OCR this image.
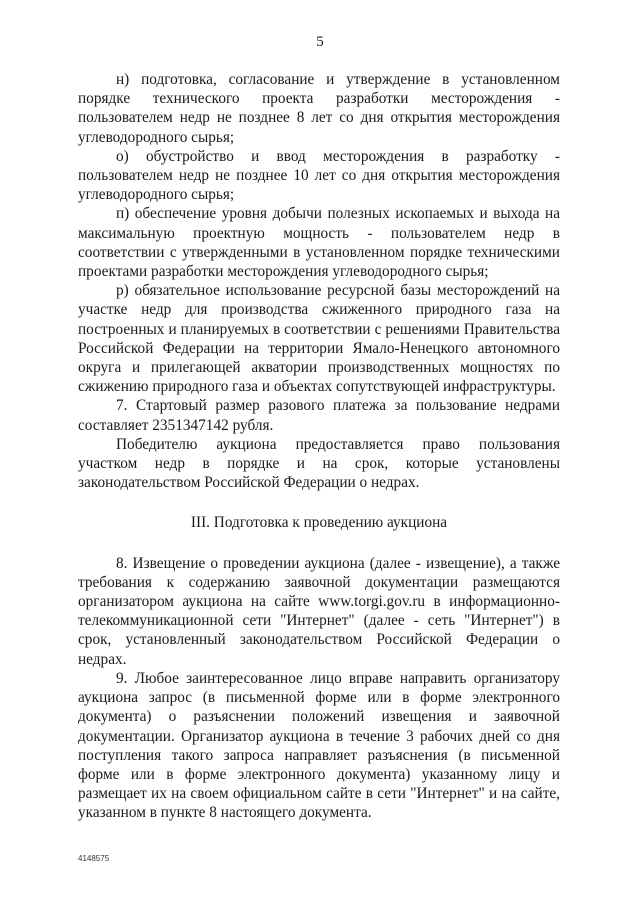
5

н) подготовка, согласование и утверждение в установленном порядке технического проекта разработки месторождения - пользователем недр не позднее 8 лет со дня открытия месторождения углеводородного сырья;

о) обустройство и ввод месторождения в разработку - пользователем недр не позднее 10 лет со дня открытия месторождения углеводородного сырья;

п) обеспечение уровня добычи полезных ископаемых и выхода на максимальную проектную мощность - пользователем недр в соответствии с утвержденными в установленном порядке техническими проектами разработки месторождения углеводородного сырья;

р) обязательное использование ресурсной базы месторождений на участке недр для производства сжиженного природного газа на построенных и планируемых в соответствии с решениями Правительства Российской Федерации на территории Ямало-Ненецкого автономного округа и прилегающей акватории производственных мощностях по сжижению природного газа и объектах сопутствующей инфраструктуры.

7. Стартовый размер разового платежа за пользование недрами составляет 2351347142 рубля.

Победителю аукциона предоставляется право пользования участком недр в порядке и на срок, которые установлены законодательством Российской Федерации о недрах.

III. Подготовка к проведению аукциона

8. Извещение о проведении аукциона (далее - извещение), а также требования к содержанию заявочной документации размещаются организатором аукциона на сайте www.torgi.gov.ru в информационно-телекоммуникационной сети "Интернет" (далее - сеть "Интернет") в срок, установленный законодательством Российской Федерации о недрах.

9. Любое заинтересованное лицо вправе направить организатору аукциона запрос (в письменной форме или в форме электронного документа) о разъяснении положений извещения и заявочной документации. Организатор аукциона в течение 3 рабочих дней со дня поступления такого запроса направляет разъяснения (в письменной форме или в форме электронного документа) указанному лицу и размещает их на своем официальном сайте в сети "Интернет" и на сайте, указанном в пункте 8 настоящего документа.

4148575
